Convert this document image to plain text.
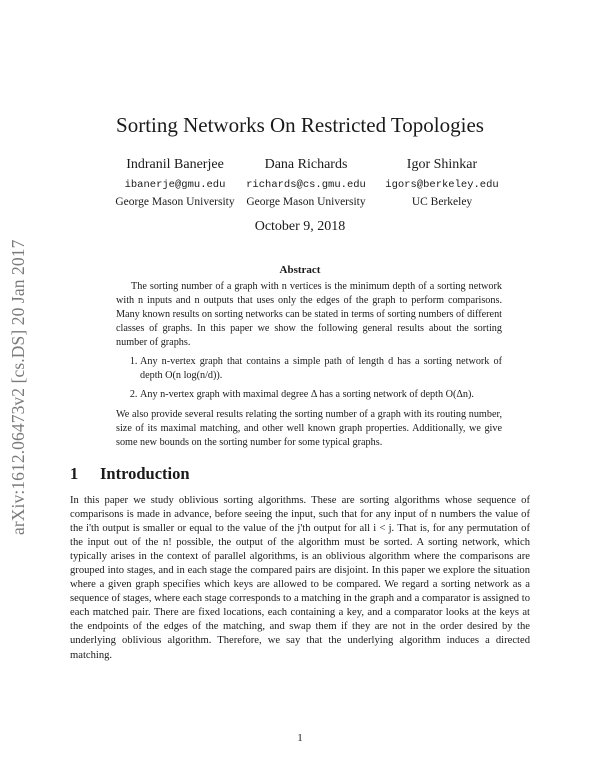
arXiv:1612.06473v2 [cs.DS] 20 Jan 2017
Sorting Networks On Restricted Topologies
Indranil Banerjee
ibanerje@gmu.edu
George Mason University
Dana Richards
richards@cs.gmu.edu
George Mason University
Igor Shinkar
igors@berkeley.edu
UC Berkeley
October 9, 2018
Abstract

The sorting number of a graph with n vertices is the minimum depth of a sorting network with n inputs and n outputs that uses only the edges of the graph to perform comparisons. Many known results on sorting networks can be stated in terms of sorting numbers of different classes of graphs. In this paper we show the following general results about the sorting number of graphs.

1. Any n-vertex graph that contains a simple path of length d has a sorting network of depth O(n log(n/d)).
2. Any n-vertex graph with maximal degree Δ has a sorting network of depth O(Δn).

We also provide several results relating the sorting number of a graph with its routing number, size of its maximal matching, and other well known graph properties. Additionally, we give some new bounds on the sorting number for some typical graphs.

1 Introduction

In this paper we study oblivious sorting algorithms. These are sorting algorithms whose sequence of comparisons is made in advance, before seeing the input, such that for any input of n numbers the value of the i'th output is smaller or equal to the value of the j'th output for all i < j. That is, for any permutation of the input out of the n! possible, the output of the algorithm must be sorted. A sorting network, which typically arises in the context of parallel algorithms, is an oblivious algorithm where the comparisons are grouped into stages, and in each stage the compared pairs are disjoint. In this paper we explore the situation where a given graph specifies which keys are allowed to be compared. We regard a sorting network as a sequence of stages, where each stage corresponds to a matching in the graph and a comparator is assigned to each matched pair. There are fixed locations, each containing a key, and a comparator looks at the keys at the endpoints of the edges of the matching, and swap them if they are not in the order desired by the underlying oblivious algorithm. Therefore, we say that the underlying algorithm induces a directed matching.

1
